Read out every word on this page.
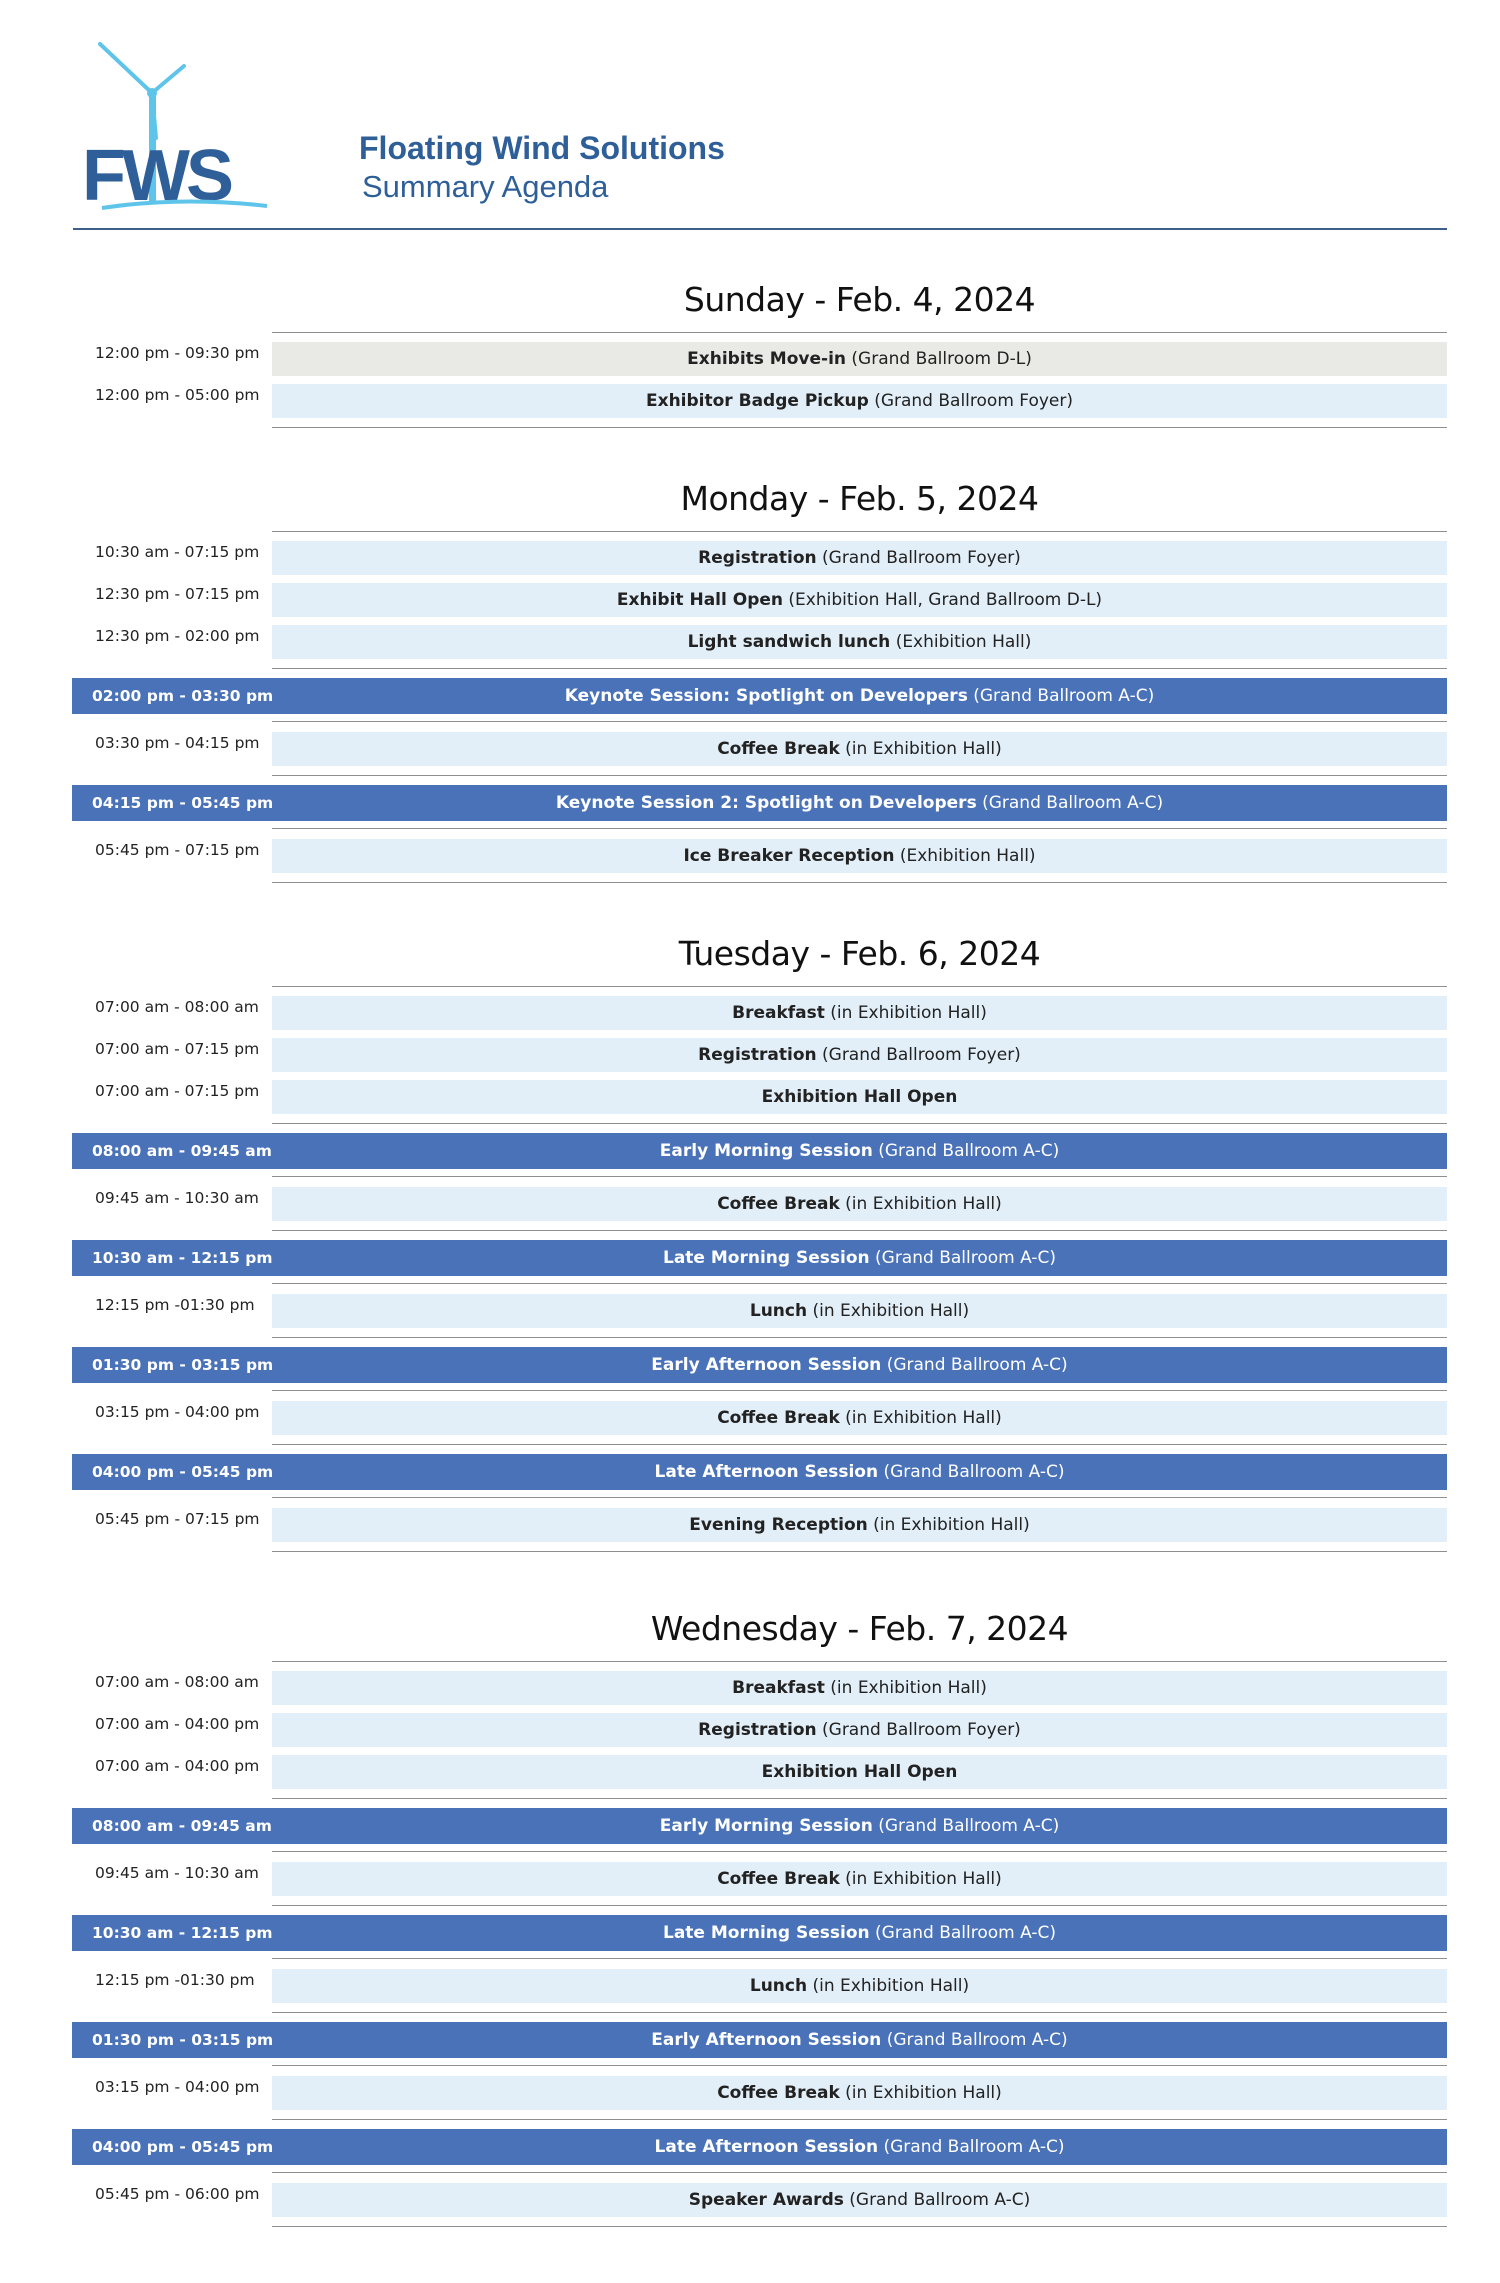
FWS	Floating Wind Solutions
Summary Agenda
Sunday - Feb. 4, 2024
12:00 pm - 09:30 pm	Exhibits Move-in (Grand Ballroom D-L)
12:00 pm - 05:00 pm	Exhibitor Badge Pickup (Grand Ballroom Foyer)
Monday - Feb. 5, 2024
10:30 am - 07:15 pm	Registration (Grand Ballroom Foyer)
12:30 pm - 07:15 pm	Exhibit Hall Open (Exhibition Hall, Grand Ballroom D-L)
12:30 pm - 02:00 pm	Light sandwich lunch (Exhibition Hall)
02:00 pm - 03:30 pm	Keynote Session: Spotlight on Developers (Grand Ballroom A-C)
03:30 pm - 04:15 pm	Coffee Break (in Exhibition Hall)
04:15 pm - 05:45 pm	Keynote Session 2: Spotlight on Developers (Grand Ballroom A-C)
05:45 pm - 07:15 pm	Ice Breaker Reception (Exhibition Hall)
Tuesday - Feb. 6, 2024
07:00 am - 08:00 am	Breakfast (in Exhibition Hall)
07:00 am - 07:15 pm	Registration (Grand Ballroom Foyer)
07:00 am - 07:15 pm	Exhibition Hall Open
08:00 am - 09:45 am	Early Morning Session (Grand Ballroom A-C)
09:45 am - 10:30 am	Coffee Break (in Exhibition Hall)
10:30 am - 12:15 pm	Late Morning Session (Grand Ballroom A-C)
12:15 pm -01:30 pm	Lunch (in Exhibition Hall)
01:30 pm - 03:15 pm	Early Afternoon Session (Grand Ballroom A-C)
03:15 pm - 04:00 pm	Coffee Break (in Exhibition Hall)
04:00 pm - 05:45 pm	Late Afternoon Session (Grand Ballroom A-C)
05:45 pm - 07:15 pm	Evening Reception (in Exhibition Hall)
Wednesday - Feb. 7, 2024
07:00 am - 08:00 am	Breakfast (in Exhibition Hall)
07:00 am - 04:00 pm	Registration (Grand Ballroom Foyer)
07:00 am - 04:00 pm	Exhibition Hall Open
08:00 am - 09:45 am	Early Morning Session (Grand Ballroom A-C)
09:45 am - 10:30 am	Coffee Break (in Exhibition Hall)
10:30 am - 12:15 pm	Late Morning Session (Grand Ballroom A-C)
12:15 pm -01:30 pm	Lunch (in Exhibition Hall)
01:30 pm - 03:15 pm	Early Afternoon Session (Grand Ballroom A-C)
03:15 pm - 04:00 pm	Coffee Break (in Exhibition Hall)
04:00 pm - 05:45 pm	Late Afternoon Session (Grand Ballroom A-C)
05:45 pm - 06:00 pm	Speaker Awards (Grand Ballroom A-C)
